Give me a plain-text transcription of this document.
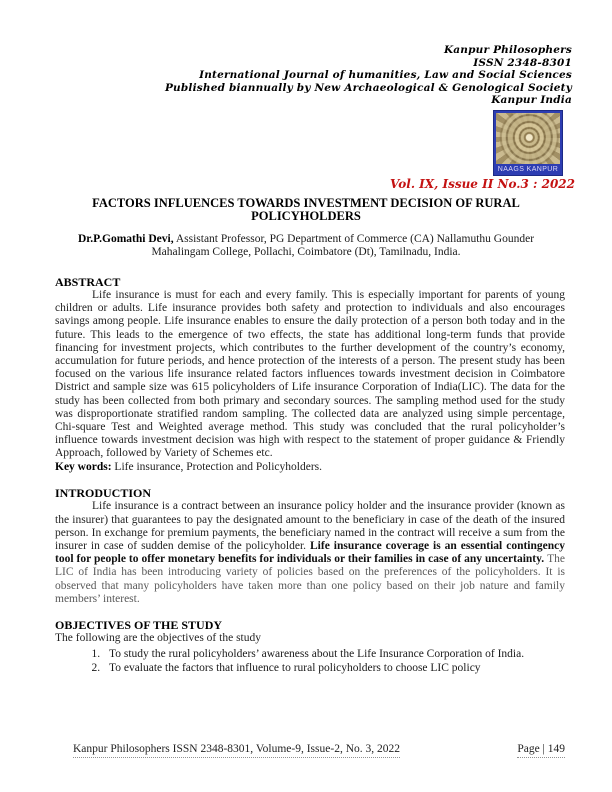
Kanpur Philosophers
ISSN 2348-8301
International Journal of humanities, Law and Social Sciences
Published biannually by New Archaeological & Genological Society
Kanpur India
NAAGS KANPUR
Vol. IX, Issue II No.3 : 2022
FACTORS INFLUENCES TOWARDS INVESTMENT DECISION OF RURAL POLICYHOLDERS

Dr.P.Gomathi Devi, Assistant Professor, PG Department of Commerce (CA) Nallamuthu Gounder Mahalingam College, Pollachi, Coimbatore (Dt), Tamilnadu, India.

ABSTRACT

Life insurance is must for each and every family. This is especially important for parents of young children or adults. Life insurance provides both safety and protection to individuals and also encourages savings among people. Life insurance enables to ensure the daily protection of a person both today and in the future. This leads to the emergence of two effects, the state has additional long-term funds that provide financing for investment projects, which contributes to the further development of the country’s economy, accumulation for future periods, and hence protection of the interests of a person. The present study has been focused on the various life insurance related factors influences towards investment decision in Coimbatore District and sample size was 615 policyholders of Life insurance Corporation of India(LIC). The data for the study has been collected from both primary and secondary sources. The sampling method used for the study was disproportionate stratified random sampling. The collected data are analyzed using simple percentage, Chi-square Test and Weighted average method. This study was concluded that the rural policyholder’s influence towards investment decision was high with respect to the statement of proper guidance & Friendly Approach, followed by Variety of Schemes etc.

Key words: Life insurance, Protection and Policyholders.

INTRODUCTION

Life insurance is a contract between an insurance policy holder and the insurance provider (known as the insurer) that guarantees to pay the designated amount to the beneficiary in case of the death of the insured person. In exchange for premium payments, the beneficiary named in the contract will receive a sum from the insurer in case of sudden demise of the policyholder. Life insurance coverage is an essential contingency tool for people to offer monetary benefits for individuals or their families in case of any uncertainty. The LIC of India has been introducing variety of policies based on the preferences of the policyholders. It is observed that many policyholders have taken more than one policy based on their job nature and family members’ interest.

OBJECTIVES OF THE STUDY

The following are the objectives of the study

1. To study the rural policyholders’ awareness about the Life Insurance Corporation of India.
2. To evaluate the factors that influence to rural policyholders to choose LIC policy
Kanpur Philosophers ISSN 2348-8301, Volume-9, Issue-2, No. 3, 2022	Page | 149
